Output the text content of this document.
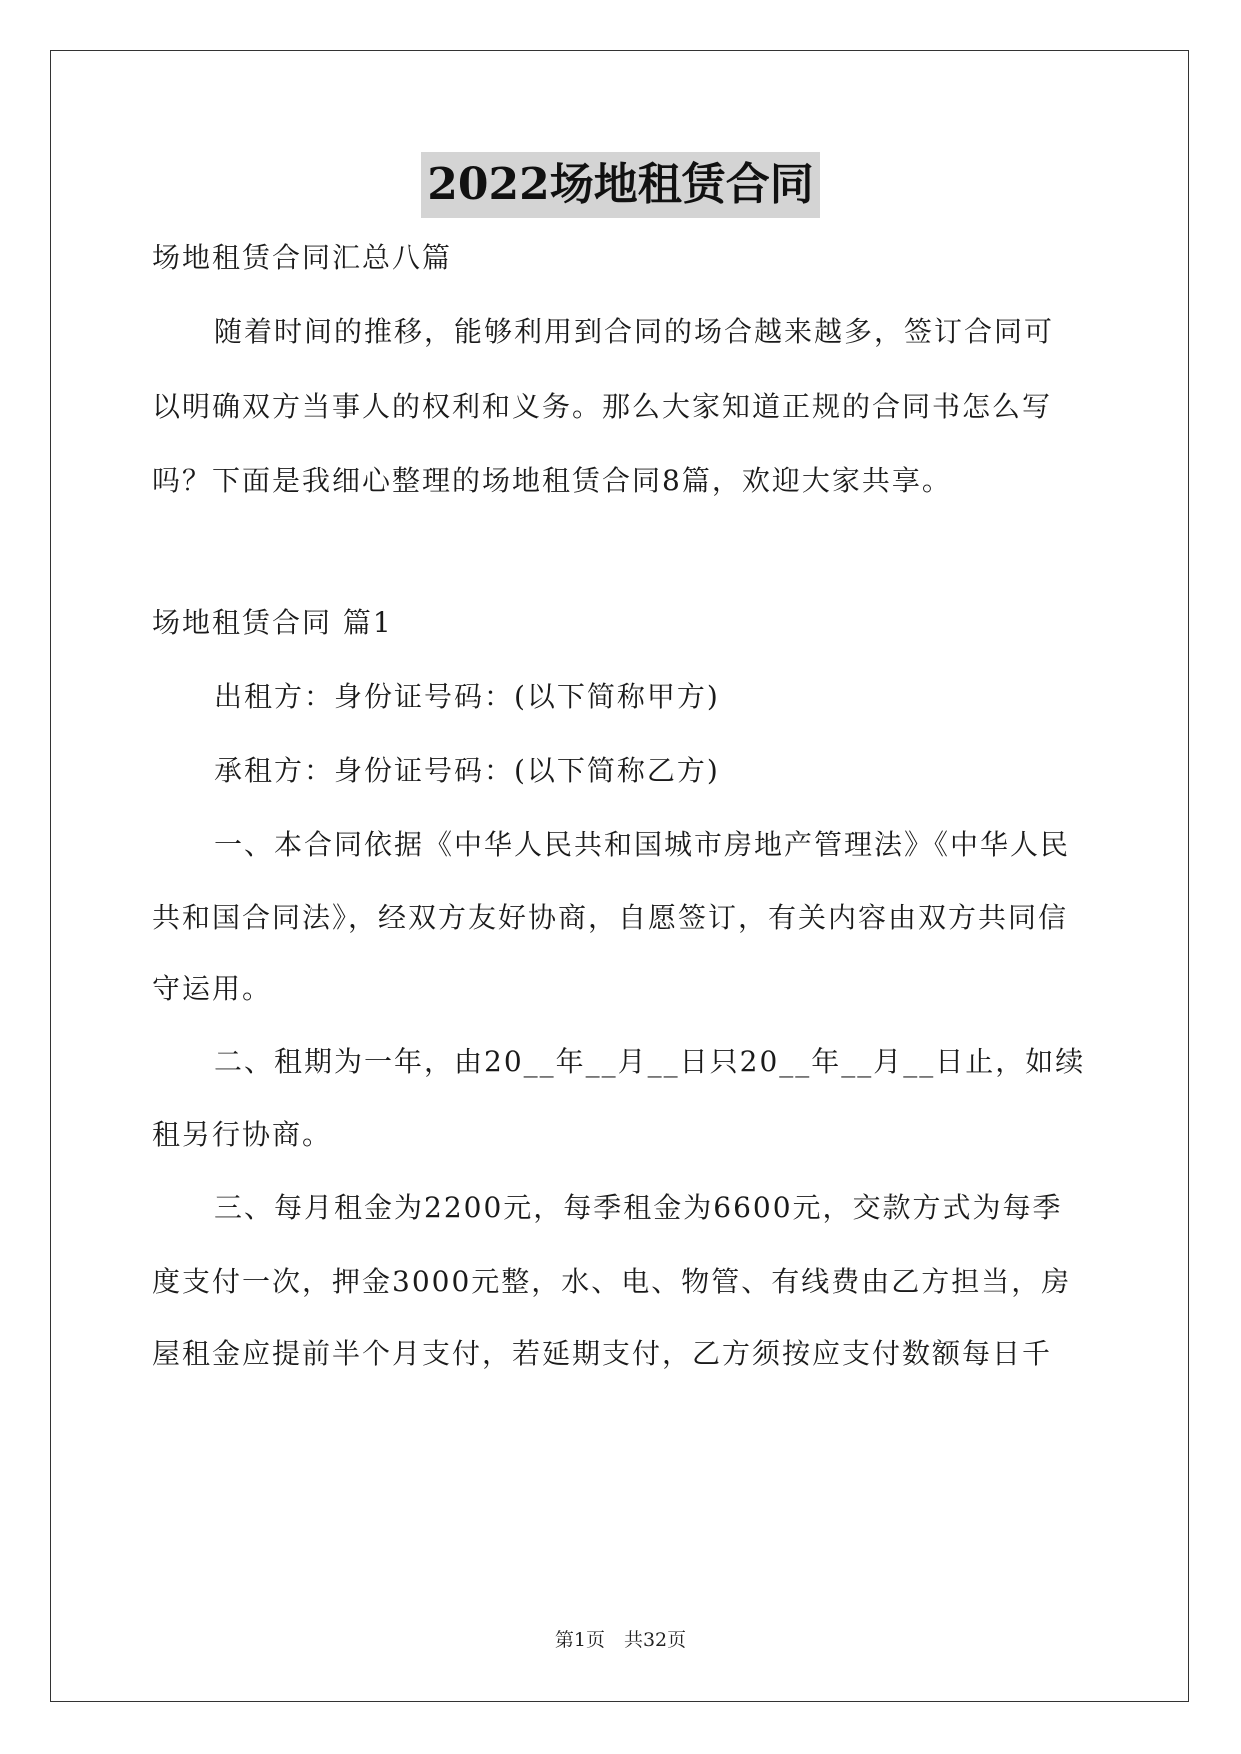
2022场地租赁合同
场地租赁合同汇总八篇
随着时间的推移，能够利用到合同的场合越来越多，签订合同可
以明确双方当事人的权利和义务。那么大家知道正规的合同书怎么写
吗？下面是我细心整理的场地租赁合同8篇，欢迎大家共享。
场地租赁合同 篇1
出租方：身份证号码：(以下简称甲方)
承租方：身份证号码：(以下简称乙方)
一、本合同依据《中华人民共和国城市房地产管理法》《中华人民
共和国合同法》，经双方友好协商，自愿签订，有关内容由双方共同信
守运用。
二、租期为一年，由20__年__月__日只20__年__月__日止，如续
租另行协商。
三、每月租金为2200元，每季租金为6600元，交款方式为每季
度支付一次，押金3000元整，水、电、物管、有线费由乙方担当，房
屋租金应提前半个月支付，若延期支付，乙方须按应支付数额每日千
第1页　共32页
